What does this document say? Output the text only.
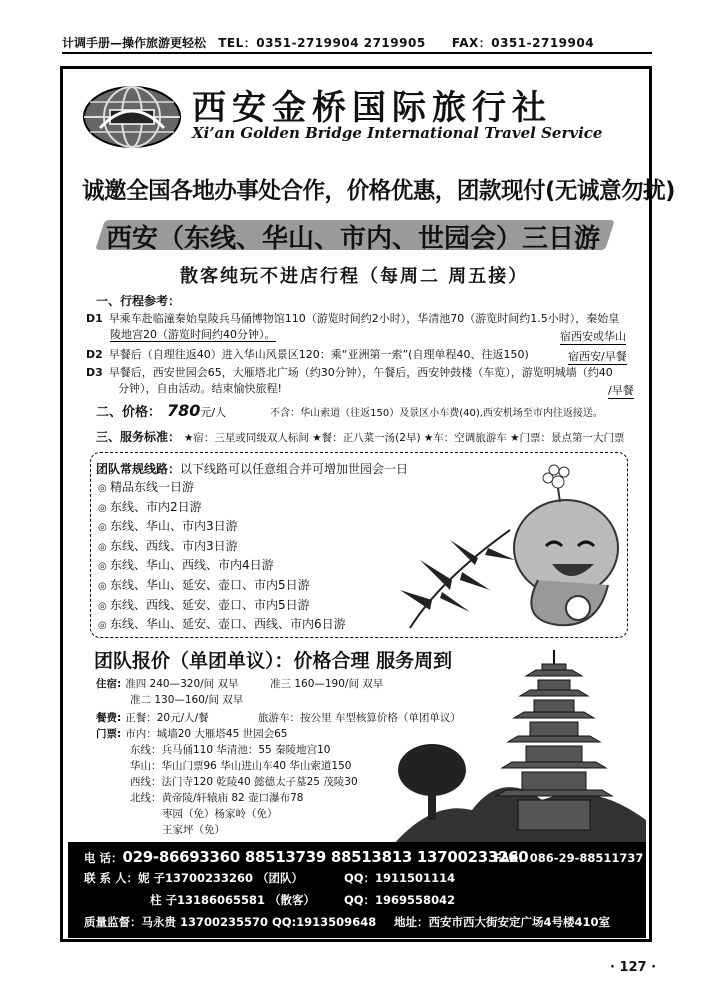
计调手册—操作旅游更轻松 TEL：0351-2719904 2719905 FAX：0351-2719904
西安金桥国际旅行社
Xi’an Golden Bridge International Travel Service
诚邀全国各地办事处合作，价格优惠，团款现付(无诚意勿扰)
西安（东线、华山、市内、世园会）三日游
散客纯玩不进店行程（每周二 周五接）
一、行程参考：
D1 早乘车赴临潼秦始皇陵兵马俑博物馆110（游览时间约2小时），华清池70（游览时间约1.5小时），秦始皇
陵地宫20（游览时间约40分钟）。	宿西安或华山
D2 早餐后（自理往返40）进入华山风景区120：乘“亚洲第一索”(自理单程40、往返150)	宿西安/早餐
D3 早餐后，西安世园会65，大雁塔北广场（约30分钟），午餐后，西安钟鼓楼（车览），游览明城墙（约40
分钟），自由活动。结束愉快旅程!	/早餐
二、价格： 780元/人	不含：华山索道（往返150）及景区小车费(40),西安机场至市内往返接送。
三、服务标准： ★宿：三星或同级双人标间 ★餐：正八菜一汤(2早) ★车：空调旅游车 ★门票：景点第一大门票
团队常规线路：以下线路可以任意组合并可增加世园会一日
◎ 精品东线一日游
◎ 东线、市内2日游
◎ 东线、华山、市内3日游
◎ 东线、西线、市内3日游
◎ 东线、华山、西线、市内4日游
◎ 东线、华山、延安、壶口、市内5日游
◎ 东线、西线、延安、壶口、市内5日游
◎ 东线、华山、延安、壶口、西线、市内6日游
团队报价（单团单议）：价格合理 服务周到
住宿: 准四 240—320/间 双早	准三 160—190/间 双早
准二 130—160/间 双早
餐费: 正餐：20元/人/餐	旅游车：按公里 车型核算价格（单团单议）
门票: 市内：城墙20 大雁塔45 世园会65
东线：兵马俑110 华清池：55 秦陵地宫10
华山：华山门票96 华山进山车40 华山索道150
西线：法门寺120 乾陵40 懿德太子墓25 茂陵30
北线：黄帝陵/轩辕庙 82 壶口瀑布78
枣园（免）杨家岭（免）
王家坪（免）
电 话：029-86693360 88513739 88513813 13700233260
FAX：086-29-88511737
联 系 人：妮 子13700233260 （团队）	QQ：1911501114
柱 子13186065581 （散客）	QQ：1969558042
质量监督：马永贵 13700235570 QQ:1913509648 地址：西安市西大街安定广场4号楼410室
· 127 ·
